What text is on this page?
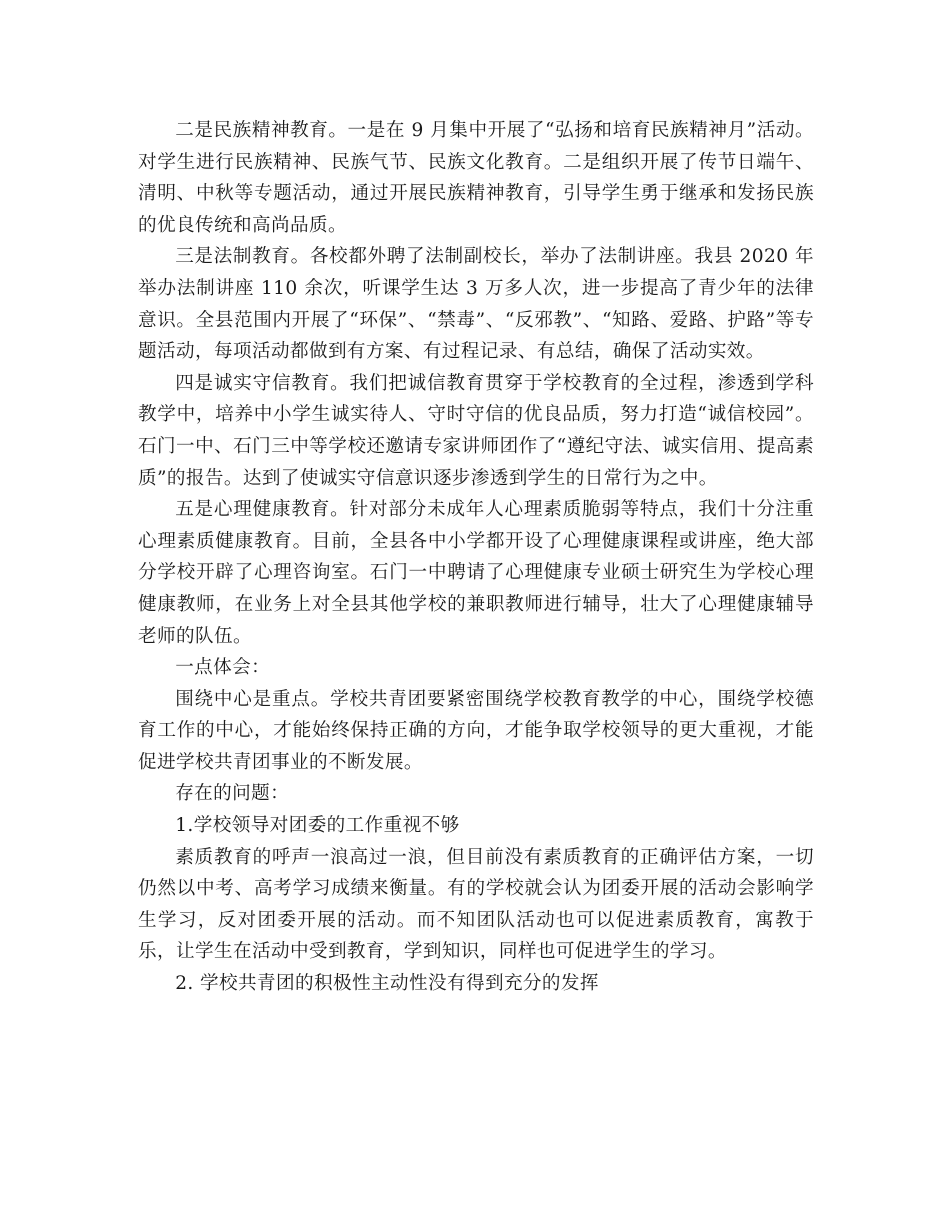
二是民族精神教育。一是在 9 月集中开展了“弘扬和培育民族精神月”活动。对学生进行民族精神、民族气节、民族文化教育。二是组织开展了传节日端午、清明、中秋等专题活动，通过开展民族精神教育，引导学生勇于继承和发扬民族的优良传统和高尚品质。

三是法制教育。各校都外聘了法制副校长，举办了法制讲座。我县 2020 年举办法制讲座 110 余次，听课学生达 3 万多人次，进一步提高了青少年的法律意识。全县范围内开展了“环保”、“禁毒”、“反邪教”、“知路、爱路、护路”等专题活动，每项活动都做到有方案、有过程记录、有总结，确保了活动实效。

四是诚实守信教育。我们把诚信教育贯穿于学校教育的全过程，渗透到学科教学中，培养中小学生诚实待人、守时守信的优良品质，努力打造“诚信校园”。石门一中、石门三中等学校还邀请专家讲师团作了“遵纪守法、诚实信用、提高素质”的报告。达到了使诚实守信意识逐步渗透到学生的日常行为之中。

五是心理健康教育。针对部分未成年人心理素质脆弱等特点，我们十分注重心理素质健康教育。目前，全县各中小学都开设了心理健康课程或讲座，绝大部分学校开辟了心理咨询室。石门一中聘请了心理健康专业硕士研究生为学校心理健康教师，在业务上对全县其他学校的兼职教师进行辅导，壮大了心理健康辅导老师的队伍。

一点体会：

围绕中心是重点。学校共青团要紧密围绕学校教育教学的中心，围绕学校德育工作的中心，才能始终保持正确的方向，才能争取学校领导的更大重视，才能促进学校共青团事业的不断发展。

存在的问题：

1.学校领导对团委的工作重视不够

素质教育的呼声一浪高过一浪，但目前没有素质教育的正确评估方案，一切仍然以中考、高考学习成绩来衡量。有的学校就会认为团委开展的活动会影响学生学习，反对团委开展的活动。而不知团队活动也可以促进素质教育，寓教于乐，让学生在活动中受到教育，学到知识，同样也可促进学生的学习。

2. 学校共青团的积极性主动性没有得到充分的发挥
